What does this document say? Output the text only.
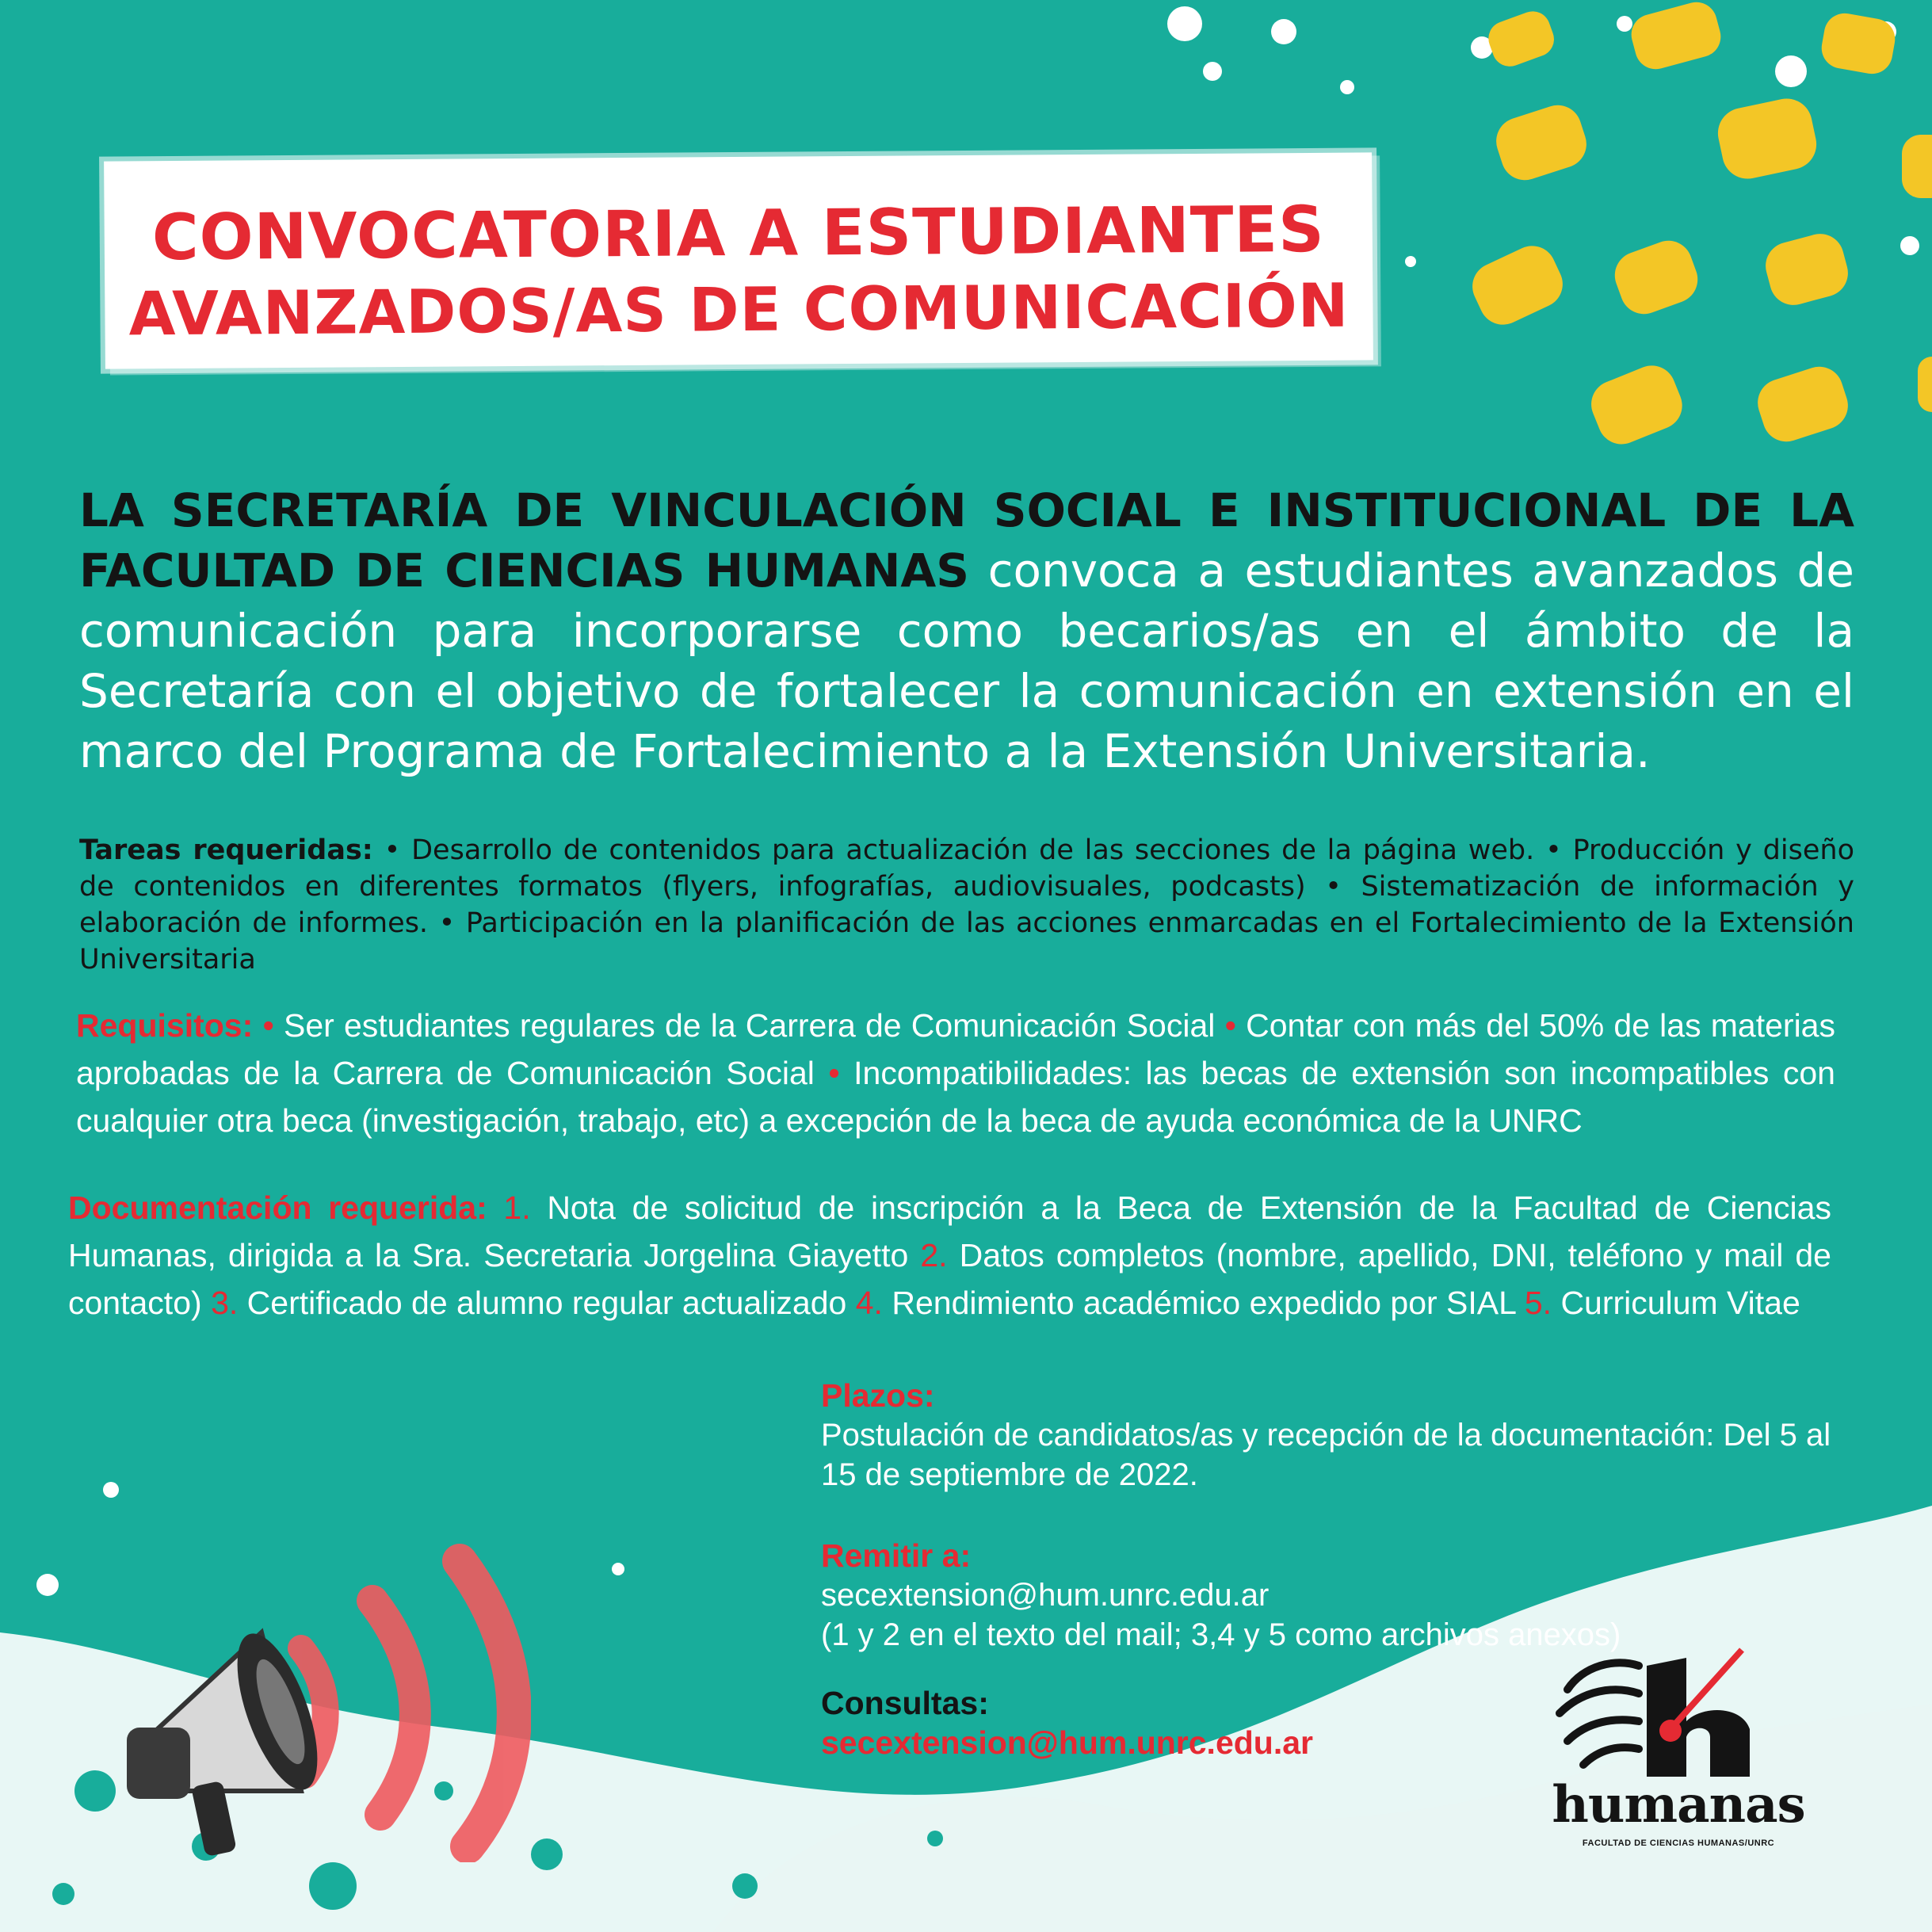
CONVOCATORIA A ESTUDIANTES
AVANZADOS/AS DE COMUNICACIÓN
LA SECRETARÍA DE VINCULACIÓN SOCIAL E INSTITUCIONAL DE LA FACULTAD DE CIENCIAS HUMANAS convoca a estudiantes avanzados de comunicación para incorporarse como becarios/as en el ámbito de la Secretaría con el objetivo de fortalecer la comunicación en extensión en el marco del Programa de Fortalecimiento a la Extensión Universitaria.
Tareas requeridas: • Desarrollo de contenidos para actualización de las secciones de la página web. • Producción y diseño de contenidos en diferentes formatos (flyers, infografías, audiovisuales, podcasts) • Sistematización de información y elaboración de informes. • Participación en la planificación de las acciones enmarcadas en el Fortalecimiento de la Extensión Universitaria
Requisitos: • Ser estudiantes regulares de la Carrera de Comunicación Social • Contar con más del 50% de las materias aprobadas de la Carrera de Comunicación Social • Incompatibilidades: las becas de extensión son incompatibles con cualquier otra beca (investigación, trabajo, etc) a excepción de la beca de ayuda económica de la UNRC
Documentación requerida: 1. Nota de solicitud de inscripción a la Beca de Extensión de la Facultad de Ciencias Humanas, dirigida a la Sra. Secretaria Jorgelina Giayetto 2. Datos completos (nombre, apellido, DNI, teléfono y mail de contacto) 3. Certificado de alumno regular actualizado 4. Rendimiento académico expedido por SIAL 5. Curriculum Vitae

Plazos:

Postulación de candidatos/as y recepción de la documentación: Del 5 al 15 de septiembre de 2022.

Remitir a:

secextension@hum.unrc.edu.ar

(1 y 2 en el texto del mail; 3,4 y 5 como archivos anexos)

Consultas:

secextension@hum.unrc.edu.ar

humanas
FACULTAD DE CIENCIAS HUMANAS/UNRC
